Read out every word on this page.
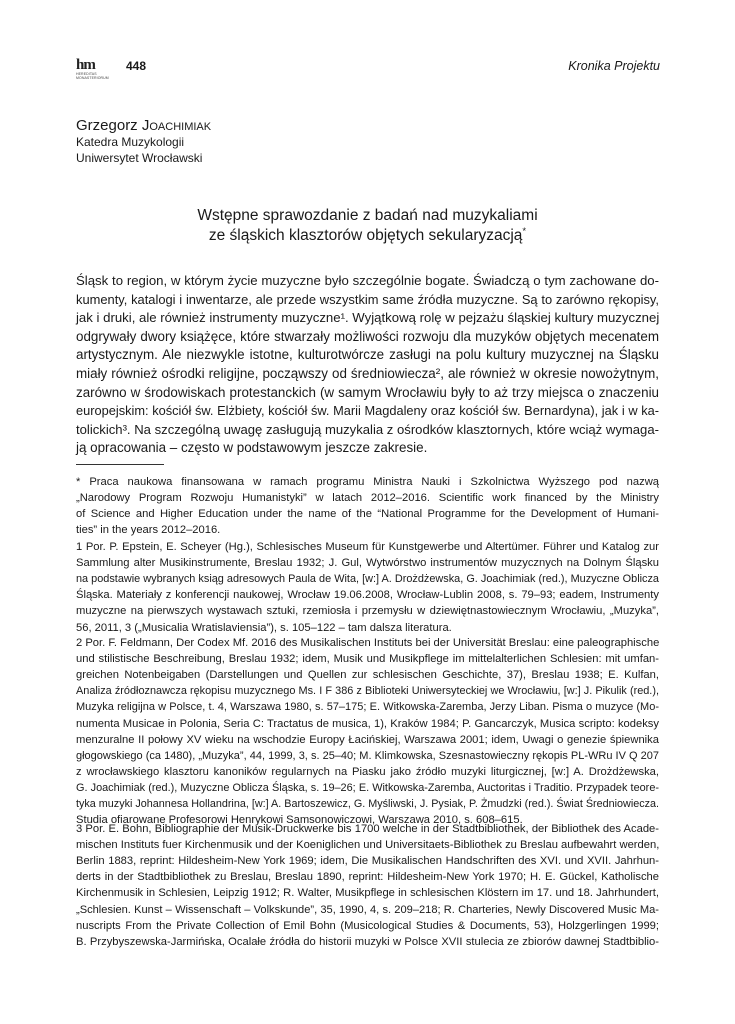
hm
HEREDITAS MONASTERIORUM
448	Kronika Projektu
Grzegorz Joachimiak
Katedra Muzykologii
Uniwersytet Wrocławski
Wstępne sprawozdanie z badań nad muzykaliami
ze śląskich klasztorów objętych sekularyzacją*
Śląsk to region, w którym życie muzyczne było szczególnie bogate. Świadczą o tym zachowane do-
kumenty, katalogi i inwentarze, ale przede wszystkim same źródła muzyczne. Są to zarówno rękopisy,
jak i druki, ale również instrumenty muzyczne¹. Wyjątkową rolę w pejzażu śląskiej kultury muzycznej
odgrywały dwory książęce, które stwarzały możliwości rozwoju dla muzyków objętych mecenatem
artystycznym. Ale niezwykle istotne, kulturotwórcze zasługi na polu kultury muzycznej na Śląsku
miały również ośrodki religijne, począwszy od średniowiecza², ale również w okresie nowożytnym,
zarówno w środowiskach protestanckich (w samym Wrocławiu były to aż trzy miejsca o znaczeniu
europejskim: kościół św. Elżbiety, kościół św. Marii Magdaleny oraz kościół św. Bernardyna), jak i w ka-
tolickich³. Na szczególną uwagę zasługują muzykalia z ośrodków klasztornych, które wciąż wymaga-
ją opracowania – często w podstawowym jeszcze zakresie.
* Praca naukowa finansowana w ramach programu Ministra Nauki i Szkolnictwa Wyższego pod nazwą
„Narodowy Program Rozwoju Humanistyki” w latach 2012–2016. Scientific work financed by the Ministry
of Science and Higher Education under the name of the “National Programme for the Development of Humani-
ties” in the years 2012–2016.
1 Por. P. Epstein, E. Scheyer (Hg.), Schlesisches Museum für Kunstgewerbe und Altertümer. Führer und Katalog zur
Sammlung alter Musikinstrumente, Breslau 1932; J. Gul, Wytwórstwo instrumentów muzycznych na Dolnym Śląsku
na podstawie wybranych ksiąg adresowych Paula de Wita, [w:] A. Drożdżewska, G. Joachimiak (red.), Muzyczne Oblicza
Śląska. Materiały z konferencji naukowej, Wrocław 19.06.2008, Wrocław-Lublin 2008, s. 79–93; eadem, Instrumenty
muzyczne na pierwszych wystawach sztuki, rzemiosła i przemysłu w dziewiętnastowiecznym Wrocławiu, „Muzyka”,
56, 2011, 3 („Musicalia Wratislaviensia”), s. 105–122 – tam dalsza literatura.
2 Por. F. Feldmann, Der Codex Mf. 2016 des Musikalischen Instituts bei der Universität Breslau: eine paleographische
und stilistische Beschreibung, Breslau 1932; idem, Musik und Musikpflege im mittelalterlichen Schlesien: mit umfan-
greichen Notenbeigaben (Darstellungen und Quellen zur schlesischen Geschichte, 37), Breslau 1938; E. Kulfan,
Analiza źródłoznawcza rękopisu muzycznego Ms. I F 386 z Biblioteki Uniwersyteckiej we Wrocławiu, [w:] J. Pikulik (red.),
Muzyka religijna w Polsce, t. 4, Warszawa 1980, s. 57–175; E. Witkowska-Zaremba, Jerzy Liban. Pisma o muzyce (Mo-
numenta Musicae in Polonia, Seria C: Tractatus de musica, 1), Kraków 1984; P. Gancarczyk, Musica scripto: kodeksy
menzuralne II połowy XV wieku na wschodzie Europy Łacińskiej, Warszawa 2001; idem, Uwagi o genezie śpiewnika
głogowskiego (ca 1480), „Muzyka”, 44, 1999, 3, s. 25–40; M. Klimkowska, Szesnastowieczny rękopis PL-WRu IV Q 207
z wrocławskiego klasztoru kanoników regularnych na Piasku jako źródło muzyki liturgicznej, [w:] A. Drożdżewska,
G. Joachimiak (red.), Muzyczne Oblicza Śląska, s. 19–26; E. Witkowska-Zaremba, Auctoritas i Traditio. Przypadek teore-
tyka muzyki Johannesa Hollandrina, [w:] A. Bartoszewicz, G. Myśliwski, J. Pysiak, P. Żmudzki (red.). Świat Średniowiecza.
Studia ofiarowane Profesorowi Henrykowi Samsonowiczowi, Warszawa 2010, s. 608–615.
3 Por. E. Bohn, Bibliographie der Musik-Druckwerke bis 1700 welche in der Stadtbibliothek, der Bibliothek des Acade-
mischen Instituts fuer Kirchenmusik und der Koeniglichen und Universitaets-Bibliothek zu Breslau aufbewahrt werden,
Berlin 1883, reprint: Hildesheim-New York 1969; idem, Die Musikalischen Handschriften des XVI. und XVII. Jahrhun-
derts in der Stadtbibliothek zu Breslau, Breslau 1890, reprint: Hildesheim-New York 1970; H. E. Gückel, Katholische
Kirchenmusik in Schlesien, Leipzig 1912; R. Walter, Musikpflege in schlesischen Klöstern im 17. und 18. Jahrhundert,
„Schlesien. Kunst – Wissenschaft – Volkskunde”, 35, 1990, 4, s. 209–218; R. Charteries, Newly Discovered Music Ma-
nuscripts From the Private Collection of Emil Bohn (Musicological Studies & Documents, 53), Holzgerlingen 1999;
B. Przybyszewska-Jarmińska, Ocalałe źródła do historii muzyki w Polsce XVII stulecia ze zbiorów dawnej Stadtbiblio-
